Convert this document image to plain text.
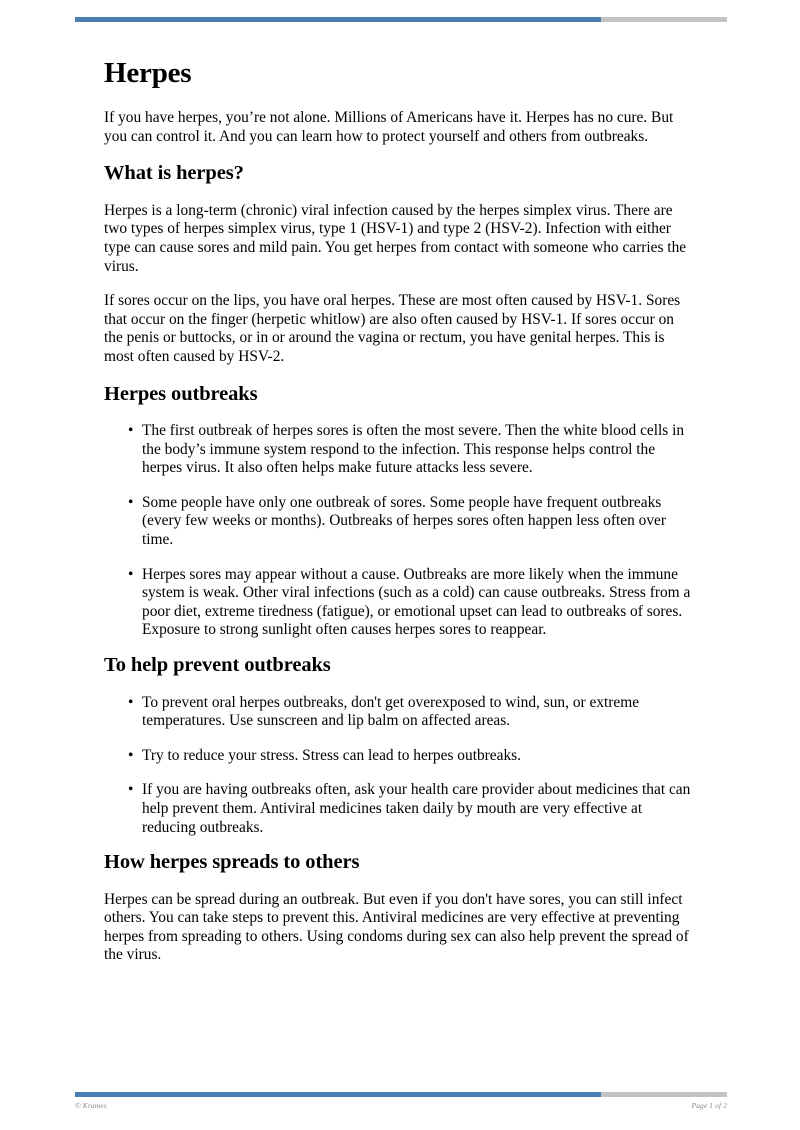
Herpes

If you have herpes, you’re not alone. Millions of Americans have it. Herpes has no cure. But you can control it. And you can learn how to protect yourself and others from outbreaks.

What is herpes?

Herpes is a long-term (chronic) viral infection caused by the herpes simplex virus. There are two types of herpes simplex virus, type 1 (HSV-1) and type 2 (HSV-2). Infection with either type can cause sores and mild pain. You get herpes from contact with someone who carries the virus.

If sores occur on the lips, you have oral herpes. These are most often caused by HSV-1. Sores that occur on the finger (herpetic whitlow) are also often caused by HSV-1. If sores occur on the penis or buttocks, or in or around the vagina or rectum, you have genital herpes. This is most often caused by HSV-2.

Herpes outbreaks
• The first outbreak of herpes sores is often the most severe. Then the white blood cells in the body’s immune system respond to the infection. This response helps control the herpes virus. It also often helps make future attacks less severe.
• Some people have only one outbreak of sores. Some people have frequent outbreaks (every few weeks or months). Outbreaks of herpes sores often happen less often over time.
• Herpes sores may appear without a cause. Outbreaks are more likely when the immune system is weak. Other viral infections (such as a cold) can cause outbreaks. Stress from a poor diet, extreme tiredness (fatigue), or emotional upset can lead to outbreaks of sores. Exposure to strong sunlight often causes herpes sores to reappear.
To help prevent outbreaks
• To prevent oral herpes outbreaks, don't get overexposed to wind, sun, or extreme temperatures. Use sunscreen and lip balm on affected areas.
• Try to reduce your stress. Stress can lead to herpes outbreaks.
• If you are having outbreaks often, ask your health care provider about medicines that can help prevent them. Antiviral medicines taken daily by mouth are very effective at reducing outbreaks.
How herpes spreads to others

Herpes can be spread during an outbreak. But even if you don't have sores, you can still infect others. You can take steps to prevent this. Antiviral medicines are very effective at preventing herpes from spreading to others. Using condoms during sex can also help prevent the spread of the virus.

© Krames	Page 1 of 2
